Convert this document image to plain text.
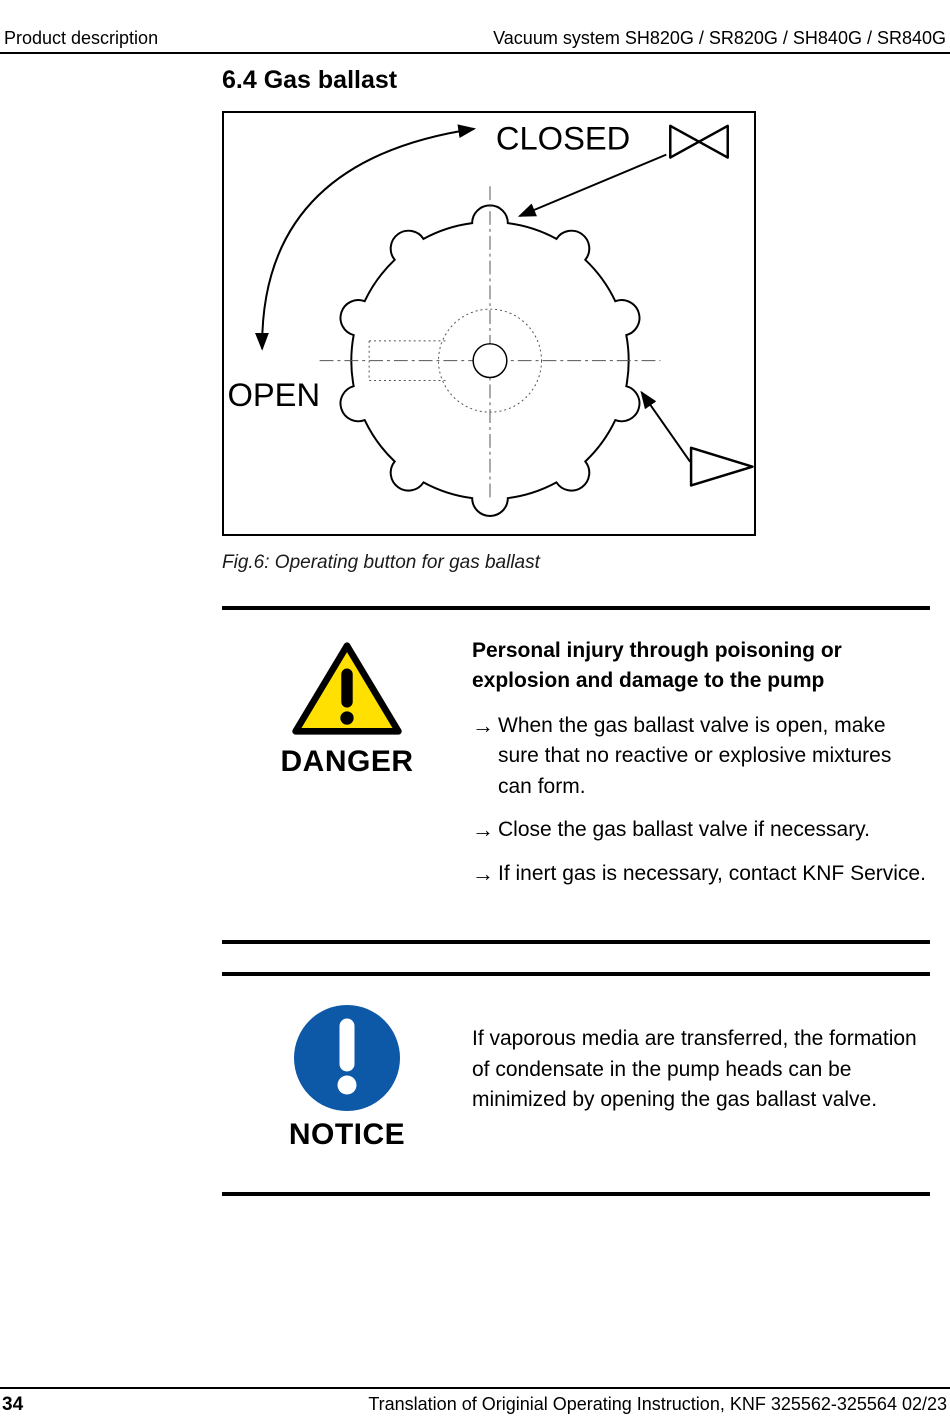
Product description	Vacuum system SH820G / SR820G / SH840G / SR840G
6.4 Gas ballast
CLOSED
OPEN
Fig.6: Operating button for gas ballast
DANGER

Personal injury through poisoning or explosion and damage to the pump

→ When the gas ballast valve is open, make sure that no reactive or explosive mixtures can form.
→ Close the gas ballast valve if necessary.
→ If inert gas is necessary, contact KNF Service.
NOTICE

If vaporous media are transferred, the formation of condensate in the pump heads can be minimized by opening the gas ballast valve.

34	Translation of Originial Operating Instruction, KNF 325562-325564 02/23
